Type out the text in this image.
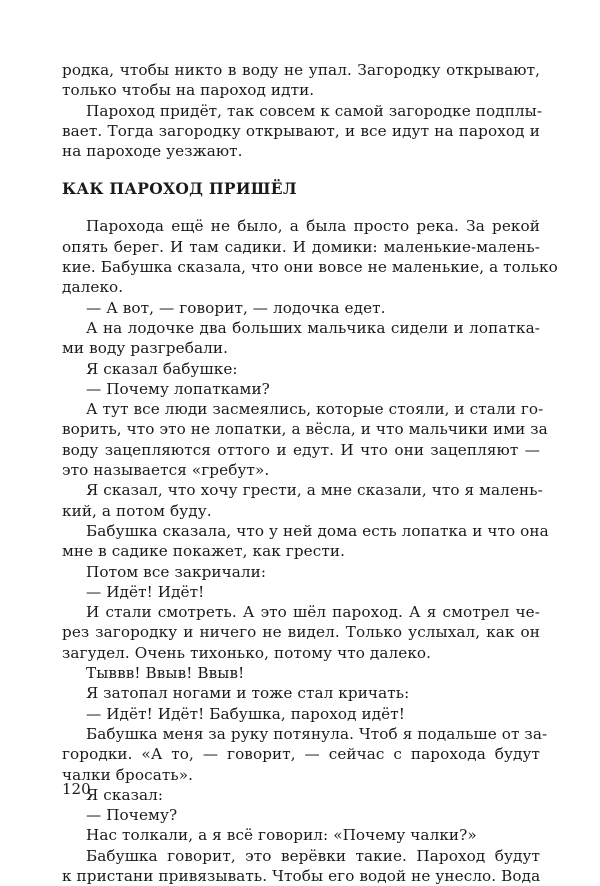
родка, чтобы никто в воду не упал. Загородку открывают,
только чтобы на пароход идти.
Пароход придёт, так совсем к самой загородке подплы-
вает. Тогда загородку открывают, и все идут на пароход и
на пароходе уезжают.
КАК ПАРОХОД ПРИШЁЛ
Парохода ещё не было, а была просто река. За рекой
опять берег. И там садики. И домики: маленькие-малень-
кие. Бабушка сказала, что они вовсе не маленькие, а только
далеко.
— А вот, — говорит, — лодочка едет.
А на лодочке два больших мальчика сидели и лопатка-
ми воду разгребали.
Я сказал бабушке:
— Почему лопатками?
А тут все люди засмеялись, которые стояли, и стали го-
ворить, что это не лопатки, а вёсла, и что мальчики ими за
воду зацепляются оттого и едут. И что они зацепляют —
это называется «гребут».
Я сказал, что хочу грести, а мне сказали, что я малень-
кий, а потом буду.
Бабушка сказала, что у ней дома есть лопатка и что она
мне в садике покажет, как грести.
Потом все закричали:
— Идёт! Идёт!
И стали смотреть. А это шёл пароход. А я смотрел че-
рез загородку и ничего не видел. Только услыхал, как он
загудел. Очень тихонько, потому что далеко.
Тыввв! Ввыв! Ввыв!
Я затопал ногами и тоже стал кричать:
— Идёт! Идёт! Бабушка, пароход идёт!
Бабушка меня за руку потянула. Чтоб я подальше от за-
городки. «А то, — говорит, — сейчас с парохода будут
чалки бросать».
Я сказал:
— Почему?
Нас толкали, а я всё говорил: «Почему чалки?»
Бабушка говорит, это верёвки такие. Пароход будут
к пристани привязывать. Чтобы его водой не унесло. Вода
120
